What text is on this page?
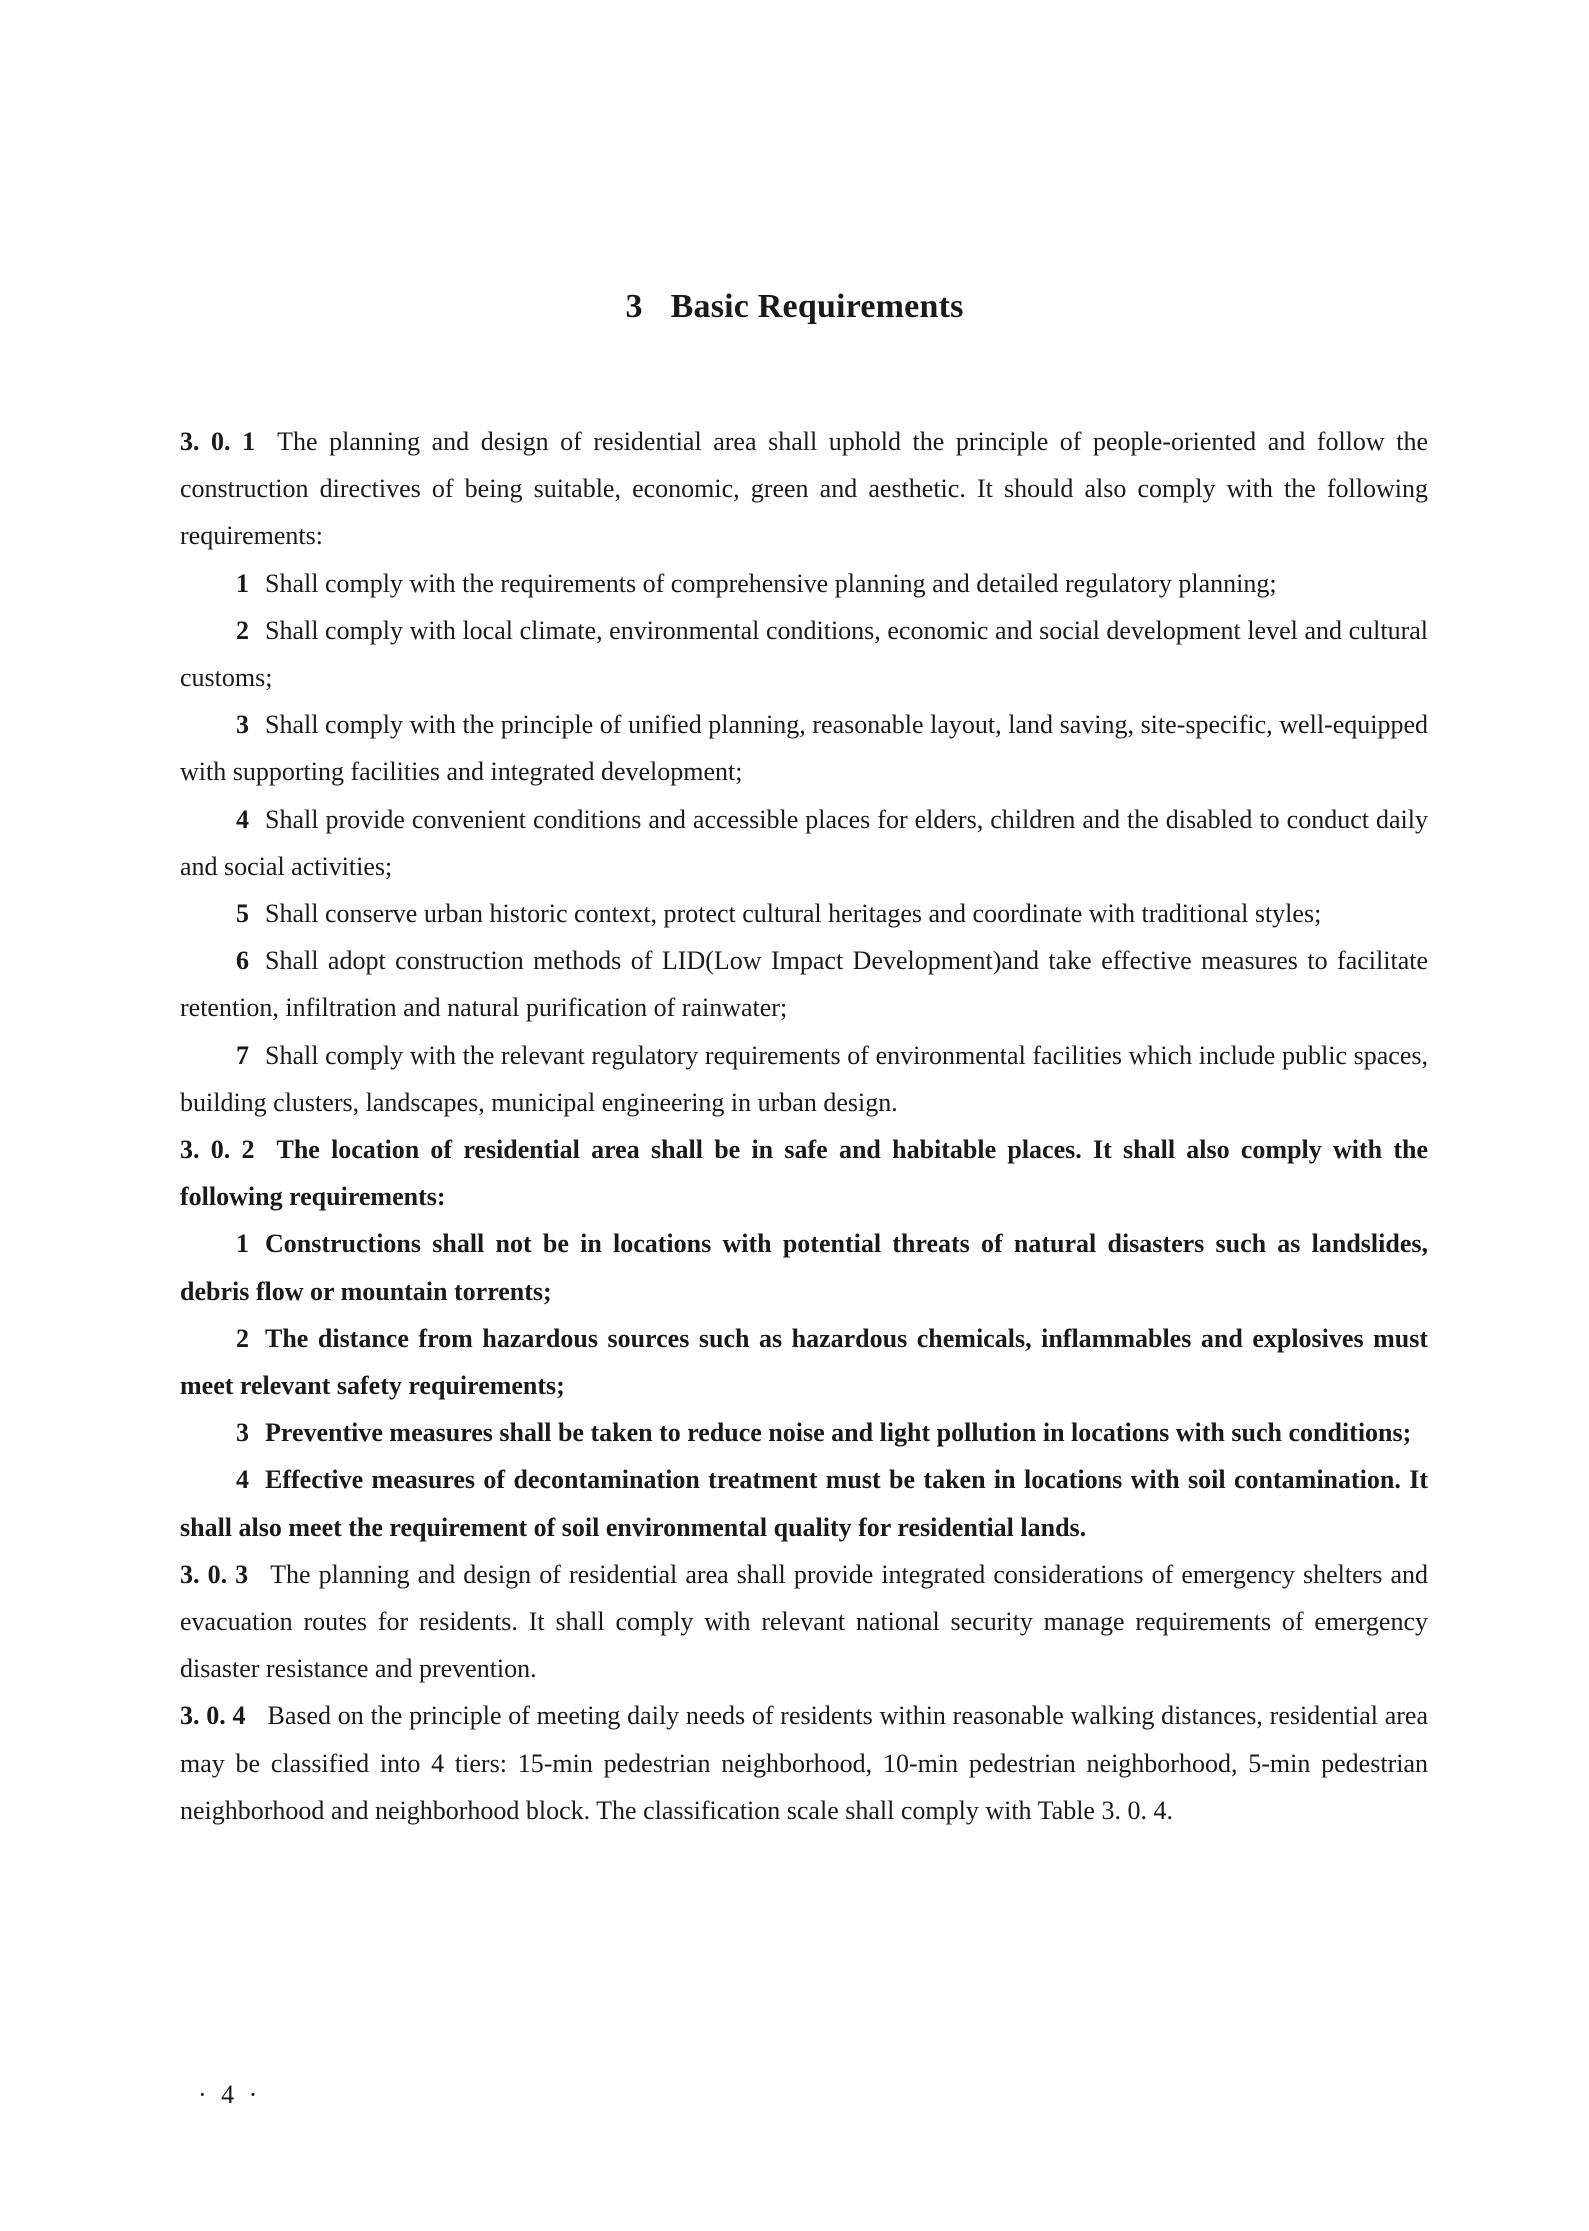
3 Basic Requirements

3. 0. 1 The planning and design of residential area shall uphold the principle of people-oriented and follow the construction directives of being suitable, economic, green and aesthetic. It should also comply with the following requirements:

1 Shall comply with the requirements of comprehensive planning and detailed regulatory planning;

2 Shall comply with local climate, environmental conditions, economic and social development level and cultural customs;

3 Shall comply with the principle of unified planning, reasonable layout, land saving, site-specific, well-equipped with supporting facilities and integrated development;

4 Shall provide convenient conditions and accessible places for elders, children and the disabled to conduct daily and social activities;

5 Shall conserve urban historic context, protect cultural heritages and coordinate with traditional styles;

6 Shall adopt construction methods of LID(Low Impact Development)and take effective measures to facilitate retention, infiltration and natural purification of rainwater;

7 Shall comply with the relevant regulatory requirements of environmental facilities which include public spaces, building clusters, landscapes, municipal engineering in urban design.

3. 0. 2 The location of residential area shall be in safe and habitable places. It shall also comply with the following requirements:

1 Constructions shall not be in locations with potential threats of natural disasters such as landslides, debris flow or mountain torrents;

2 The distance from hazardous sources such as hazardous chemicals, inflammables and explosives must meet relevant safety requirements;

3 Preventive measures shall be taken to reduce noise and light pollution in locations with such conditions;

4 Effective measures of decontamination treatment must be taken in locations with soil contamination. It shall also meet the requirement of soil environmental quality for residential lands.

3. 0. 3 The planning and design of residential area shall provide integrated considerations of emergency shelters and evacuation routes for residents. It shall comply with relevant national security manage requirements of emergency disaster resistance and prevention.

3. 0. 4 Based on the principle of meeting daily needs of residents within reasonable walking distances, residential area may be classified into 4 tiers: 15-min pedestrian neighborhood, 10-min pedestrian neighborhood, 5-min pedestrian neighborhood and neighborhood block. The classification scale shall comply with Table 3. 0. 4.

· 4 ·
